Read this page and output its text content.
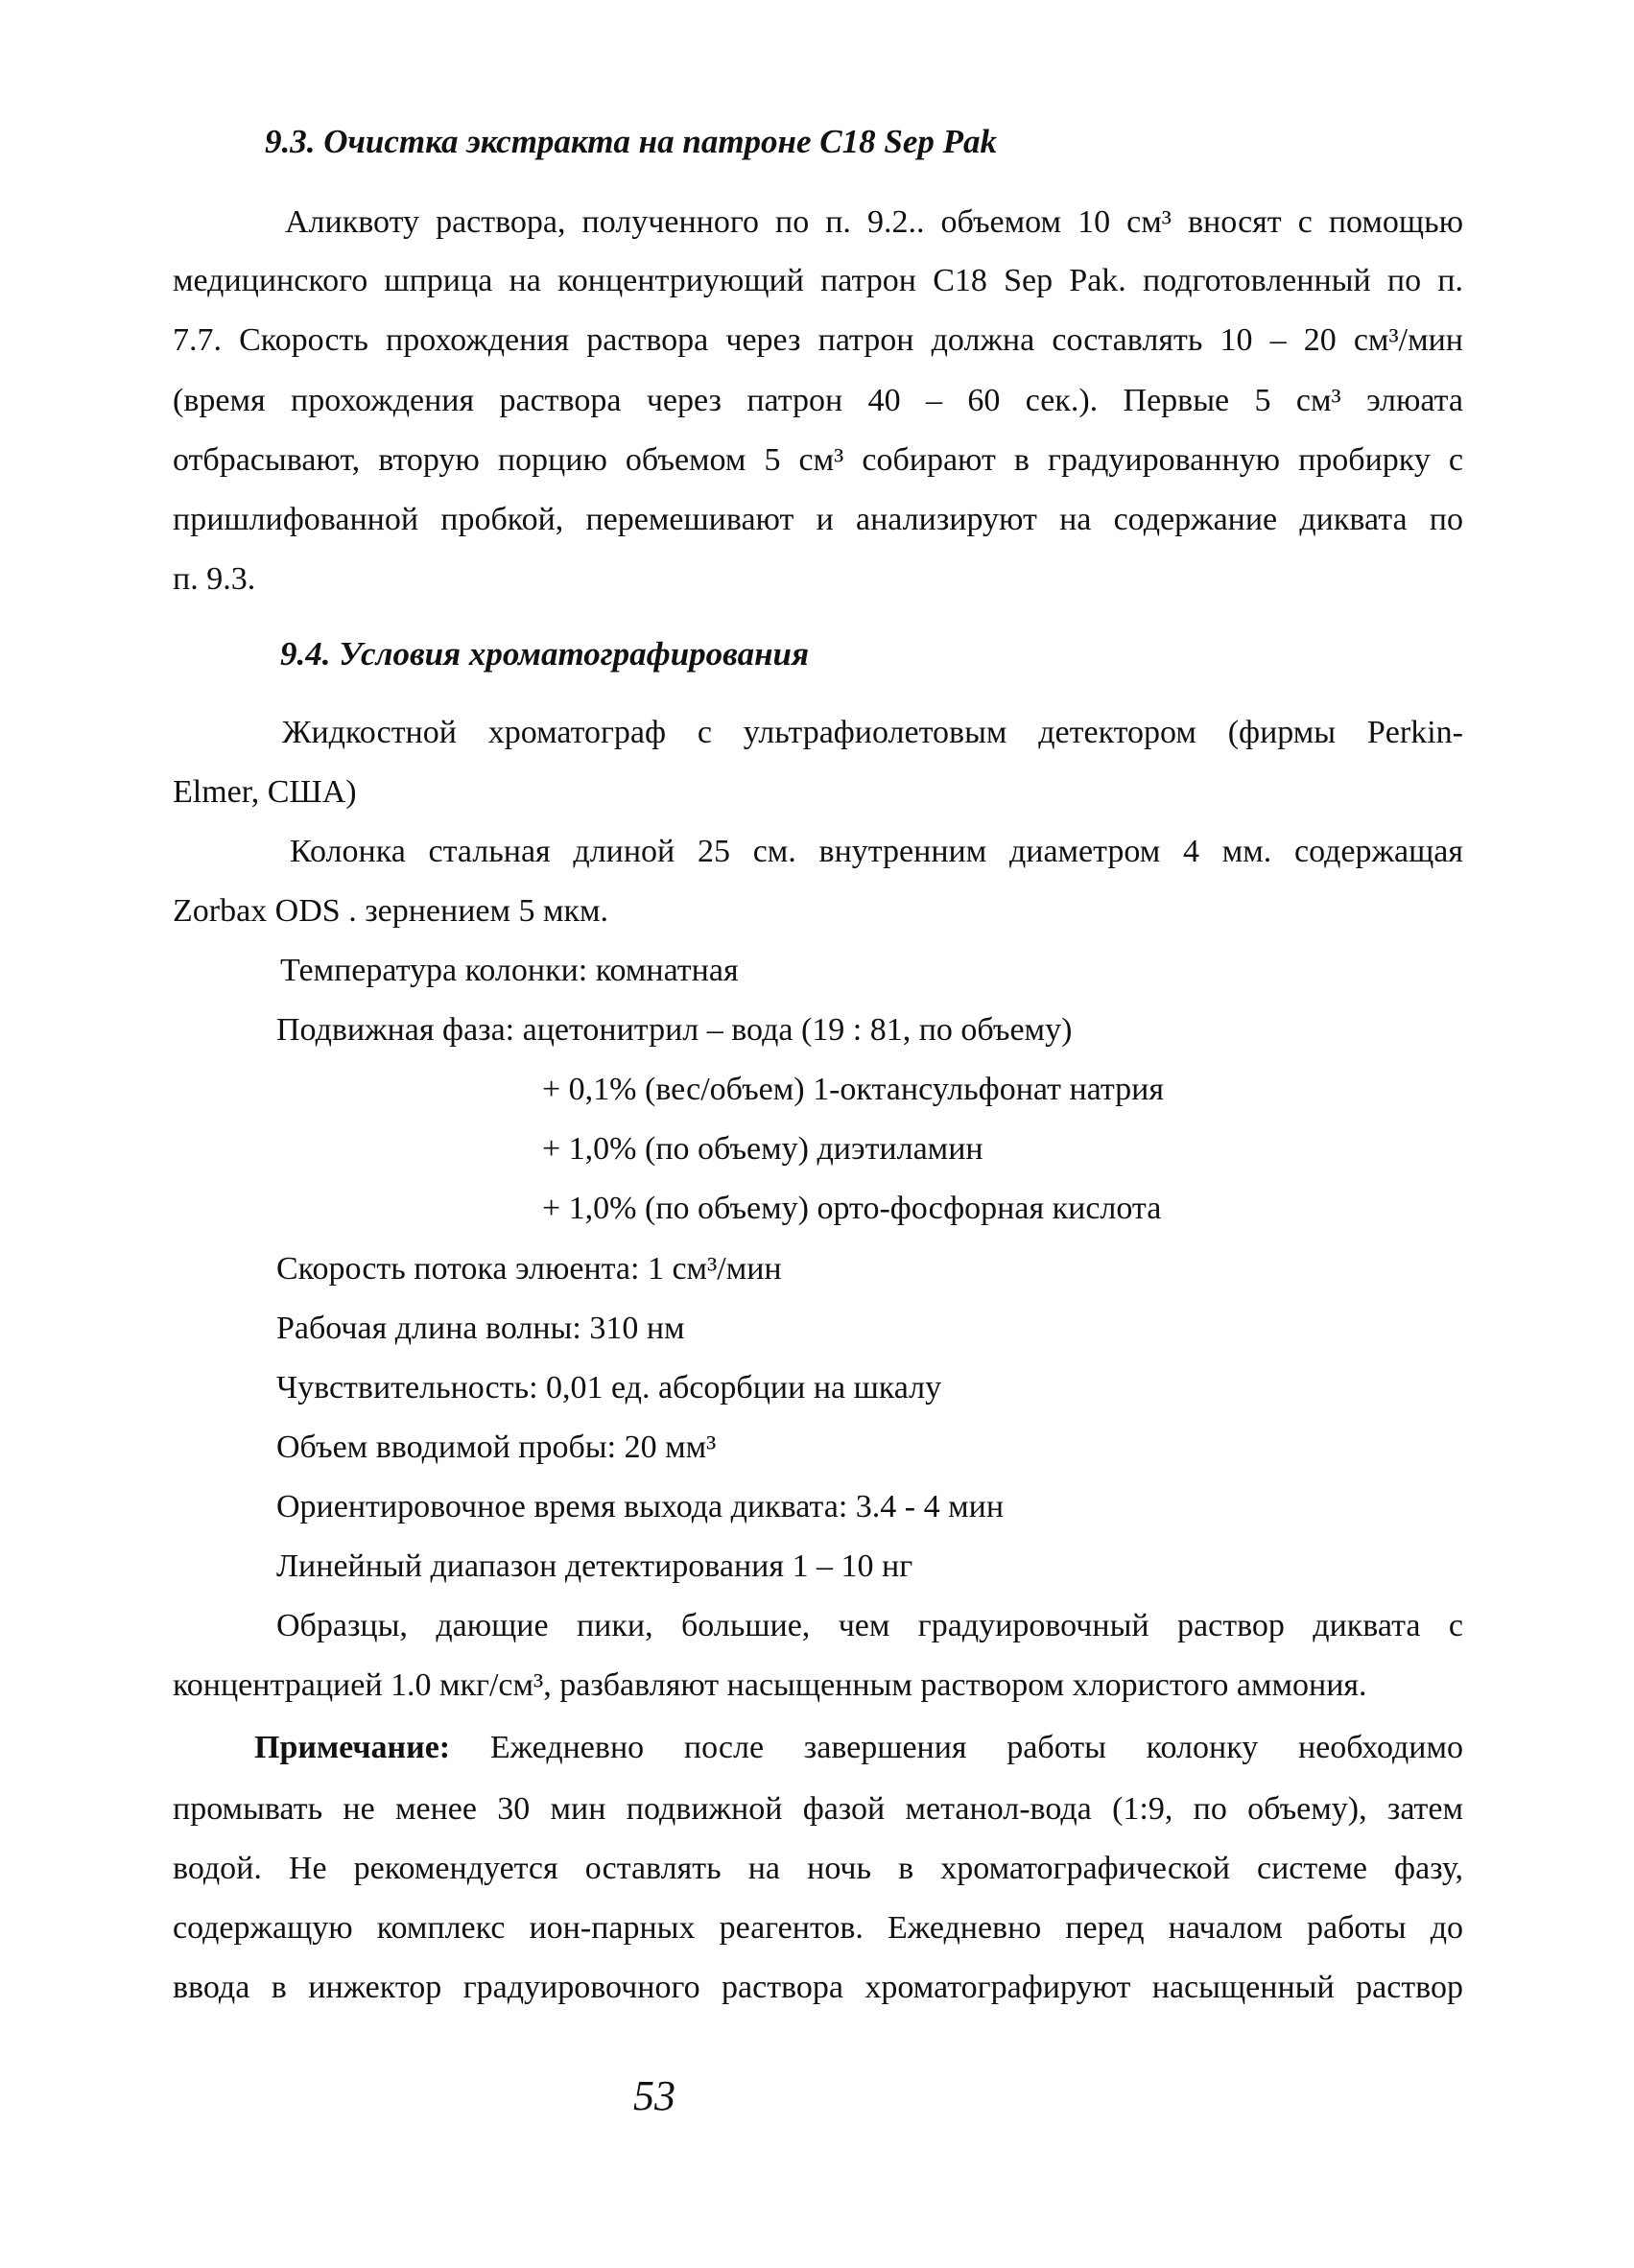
9.3. Очистка экстракта на патроне C18 Sep Pak
Аликвоту раствора, полученного по п. 9.2.. объемом 10 см³ вносят с помощью
медицинского шприца на концентриующий патрон C18 Sep Pak. подготовленный по п.
7.7. Скорость прохождения раствора через патрон должна составлять 10 – 20 см³/мин
(время прохождения раствора через патрон 40 – 60 сек.). Первые 5 см³ элюата
отбрасывают, вторую порцию объемом 5 см³ собирают в градуированную пробирку с
пришлифованной пробкой, перемешивают и анализируют на содержание диквата по
п. 9.3.
9.4. Условия хроматографирования
Жидкостной хроматограф с ультрафиолетовым детектором (фирмы Perkin-
Elmer, США)
Колонка стальная длиной 25 см. внутренним диаметром 4 мм. содержащая
Zorbax ODS . зернением 5 мкм.
Температура колонки: комнатная
Подвижная фаза: ацетонитрил – вода (19 : 81, по объему)
+ 0,1% (вес/объем) 1-октансульфонат натрия
+ 1,0% (по объему) диэтиламин
+ 1,0% (по объему) орто-фосфорная кислота
Скорость потока элюента: 1 см³/мин
Рабочая длина волны: 310 нм
Чувствительность: 0,01 ед. абсорбции на шкалу
Объем вводимой пробы: 20 мм³
Ориентировочное время выхода диквата: 3.4 - 4 мин
Линейный диапазон детектирования 1 – 10 нг
Образцы, дающие пики, большие, чем градуировочный раствор диквата с
концентрацией 1.0 мкг/см³, разбавляют насыщенным раствором хлористого аммония.
Примечание: Ежедневно после завершения работы колонку необходимо
промывать не менее 30 мин подвижной фазой метанол-вода (1:9, по объему), затем
водой. Не рекомендуется оставлять на ночь в хроматографической системе фазу,
содержащую комплекс ион-парных реагентов. Ежедневно перед началом работы до
ввода в инжектор градуировочного раствора хроматографируют насыщенный раствор
53
